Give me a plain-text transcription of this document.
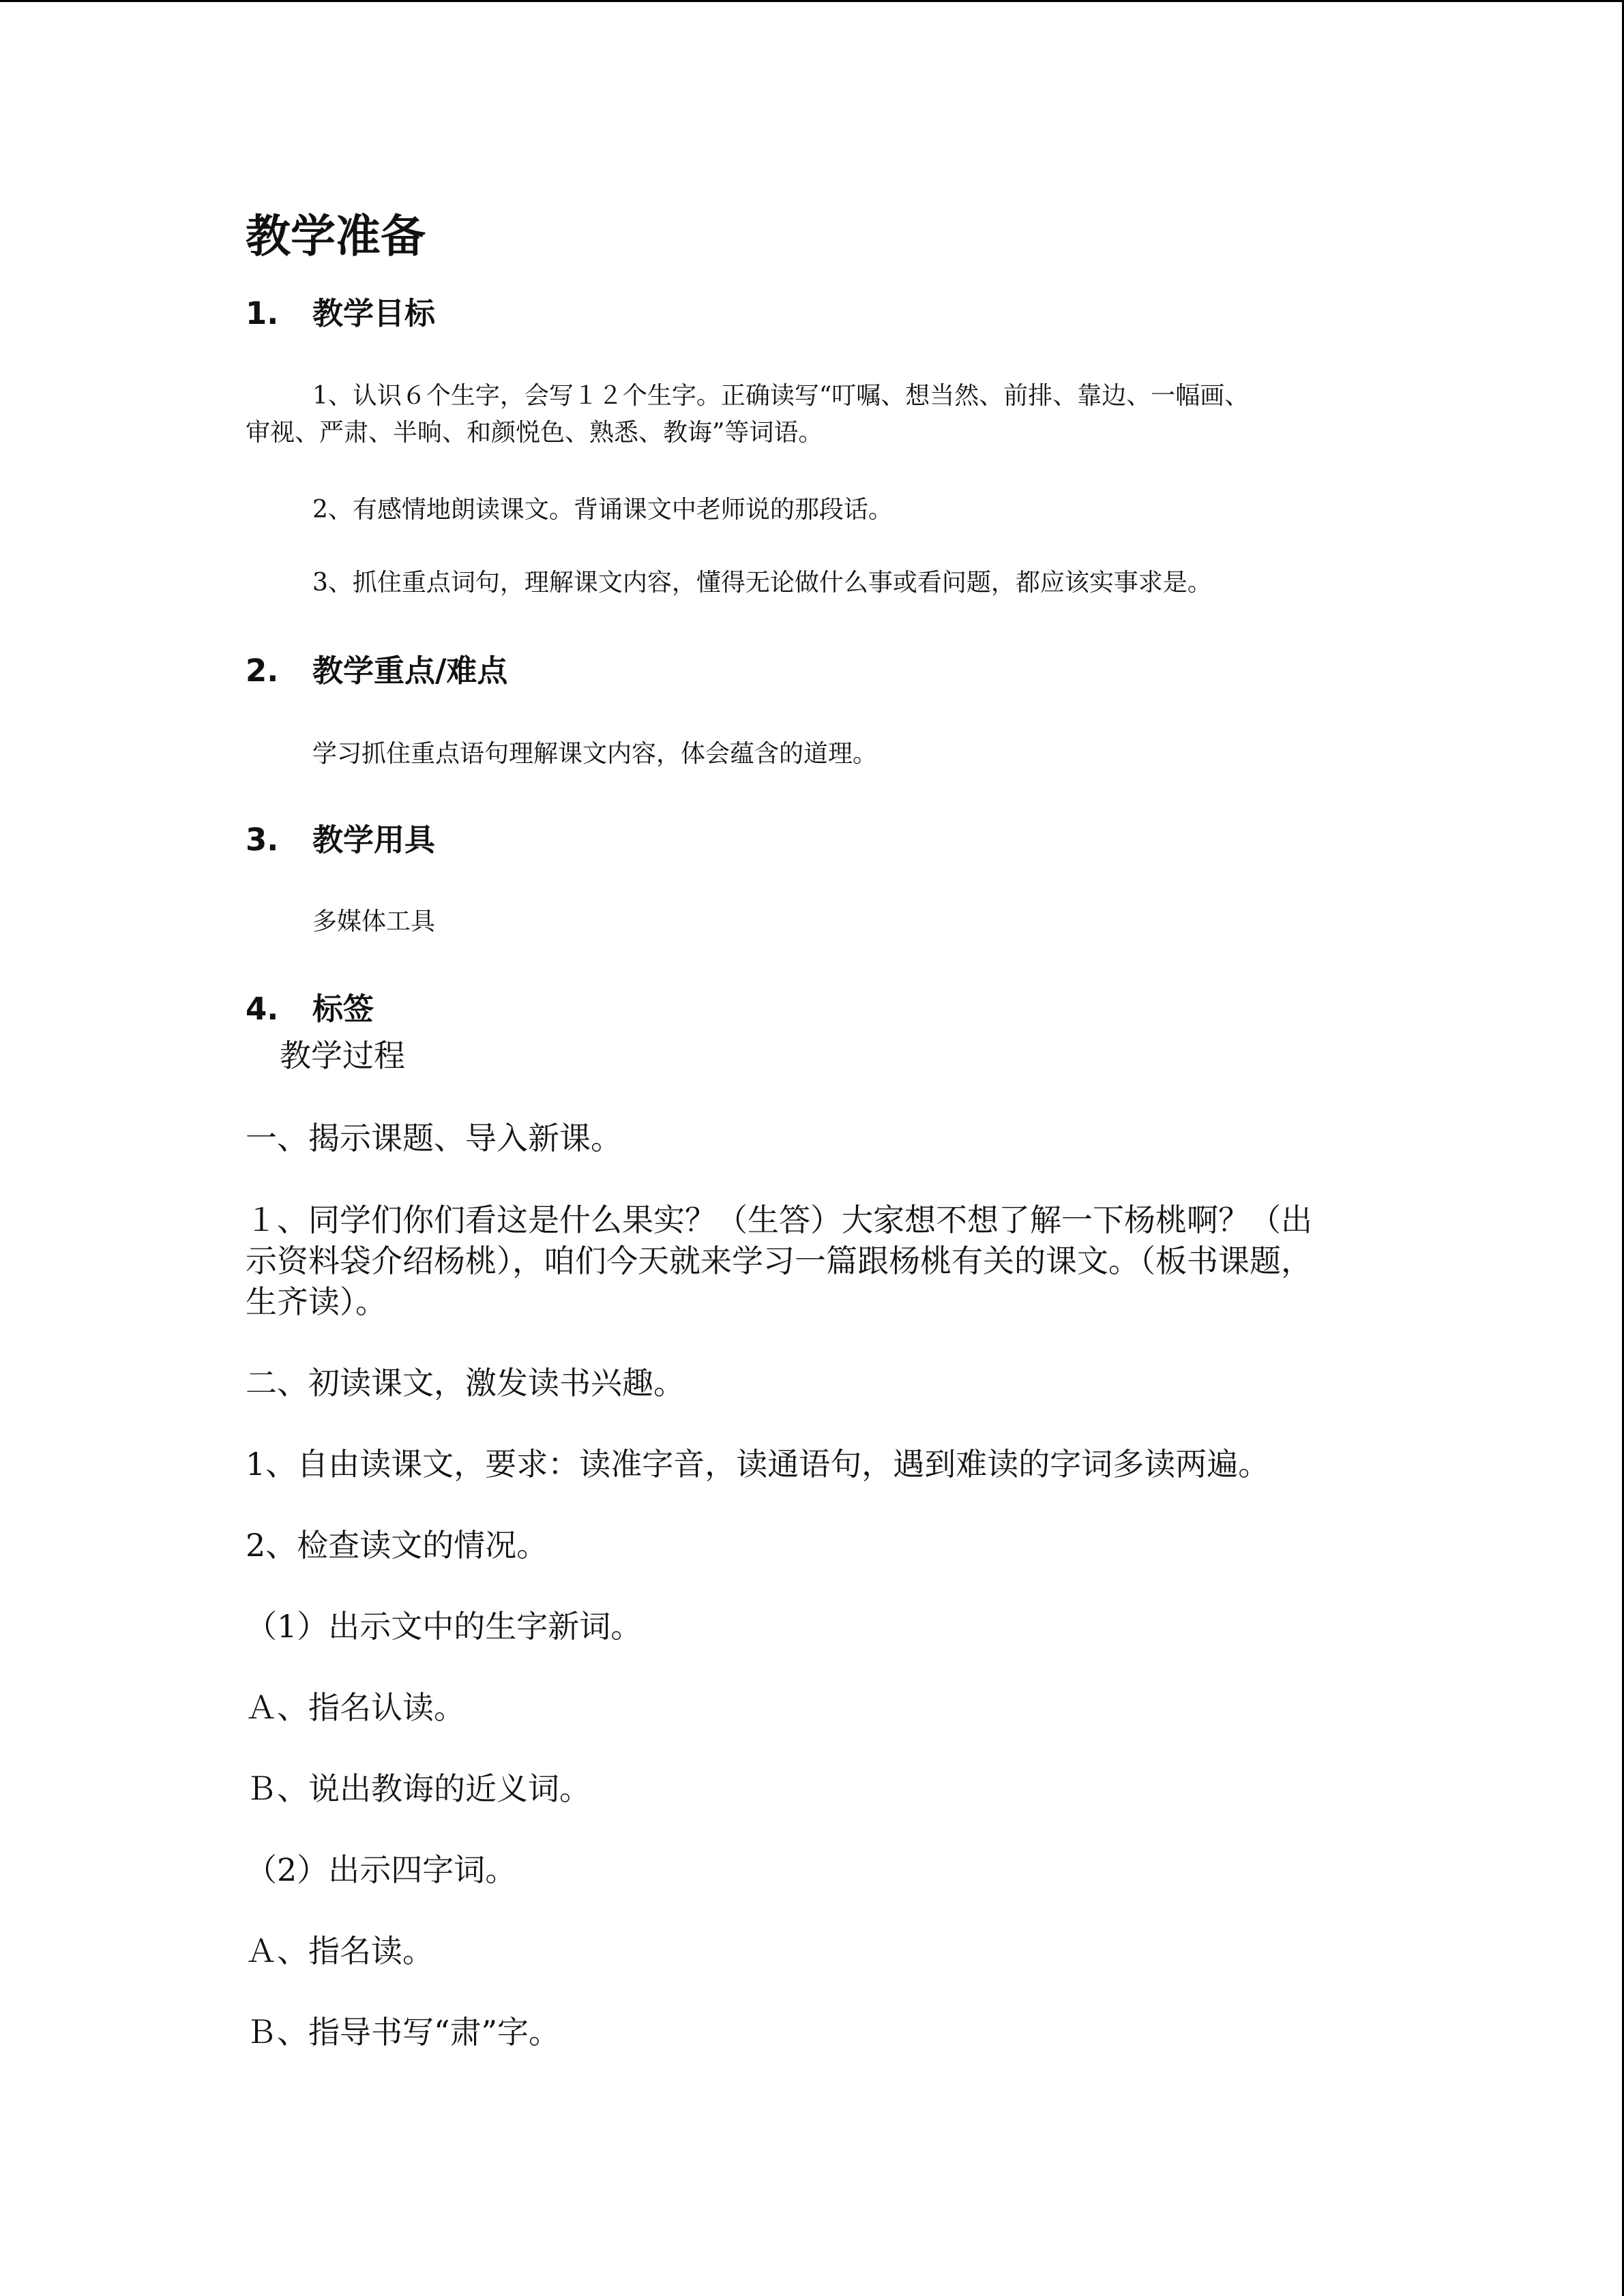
教学准备
1. 教学目标
1、认识６个生字，会写１２个生字。正确读写“叮嘱、想当然、前排、靠边、一幅画、
审视、严肃、半晌、和颜悦色、熟悉、教诲”等词语。
2、有感情地朗读课文。背诵课文中老师说的那段话。
3、抓住重点词句，理解课文内容，懂得无论做什么事或看问题，都应该实事求是。
2. 教学重点/难点
学习抓住重点语句理解课文内容，体会蕴含的道理。
3. 教学用具
多媒体工具
4. 标签
教学过程
一、揭示课题、导入新课。
１、同学们你们看这是什么果实？（生答）大家想不想了解一下杨桃啊？（出
示资料袋介绍杨桃），咱们今天就来学习一篇跟杨桃有关的课文。（板书课题，
生齐读）。
二、初读课文，激发读书兴趣。
1、自由读课文，要求：读准字音，读通语句，遇到难读的字词多读两遍。
2、检查读文的情况。
（1）出示文中的生字新词。
Ａ、指名认读。
Ｂ、说出教诲的近义词。
（2）出示四字词。
Ａ、指名读。
Ｂ、指导书写“肃”字。
